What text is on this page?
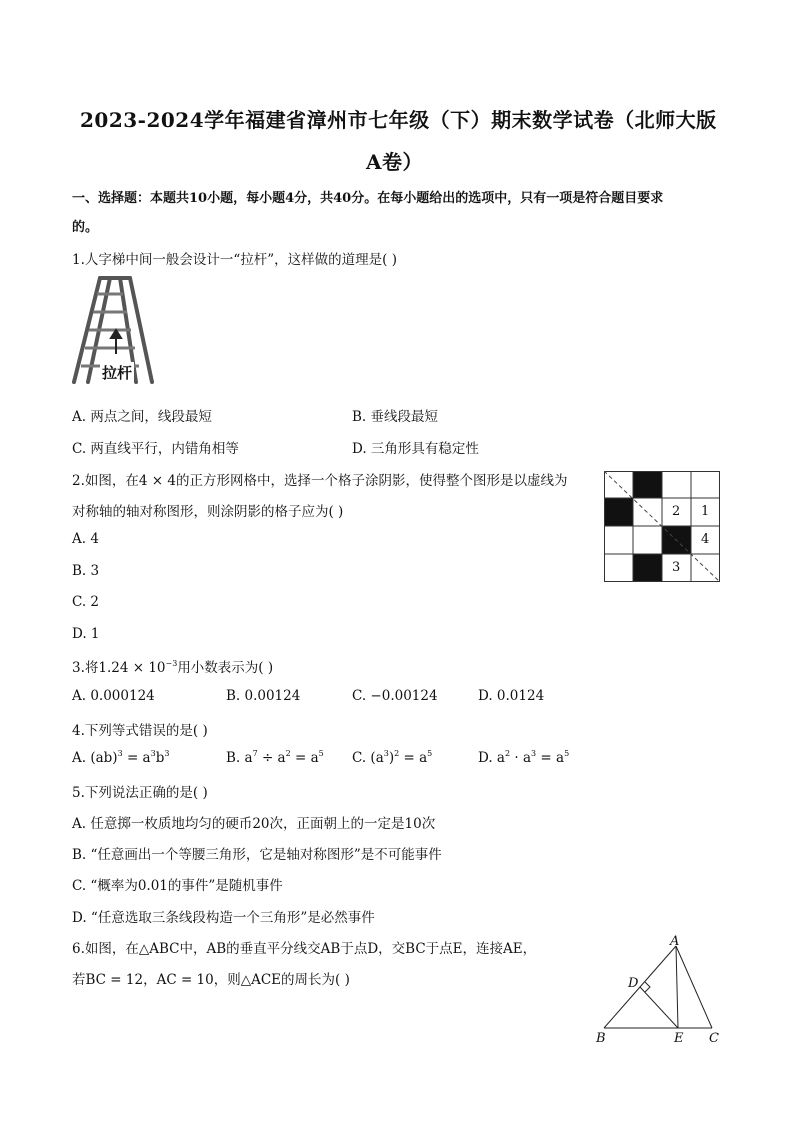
2023-2024学年福建省漳州市七年级（下）期末数学试卷（北师大版
A卷）
一、选择题：本题共10小题，每小题4分，共40分。在每小题给出的选项中，只有一项是符合题目要求
的。
1.人字梯中间一般会设计一“拉杆”，这样做的道理是( )
拉杆
A. 两点之间，线段最短	B. 垂线段最短
C. 两直线平行，内错角相等	D. 三角形具有稳定性
2.如图，在4 × 4的正方形网格中，选择一个格子涂阴影，使得整个图形是以虚线为
对称轴的轴对称图形，则涂阴影的格子应为( )
A. 4
B. 3
C. 2
D. 1
2 1
4
3
3.将$1.24 \times 10^{-3}$用小数表示为( )
A. 0.000124	B. 0.00124	C. −0.00124	D. 0.0124
4.下列等式错误的是( )
A. $(ab)^3 = a^3b^3$	B. $a^7 \div a^2 = a^5$ C. $(a^3)^2 = a^5$	D. $a^2 \cdot a^3 = a^5$
5.下列说法正确的是( )
A. 任意掷一枚质地均匀的硬币20次，正面朝上的一定是10次
B. “任意画出一个等腰三角形，它是轴对称图形”是不可能事件
C. “概率为0.01的事件”是随机事件
D. “任意选取三条线段构造一个三角形”是必然事件
6.如图，在△ABC中，AB的垂直平分线交AB于点D，交BC于点E，连接AE，
若BC = 12，AC = 10，则△ACE的周长为( )
A
D
B	E C
